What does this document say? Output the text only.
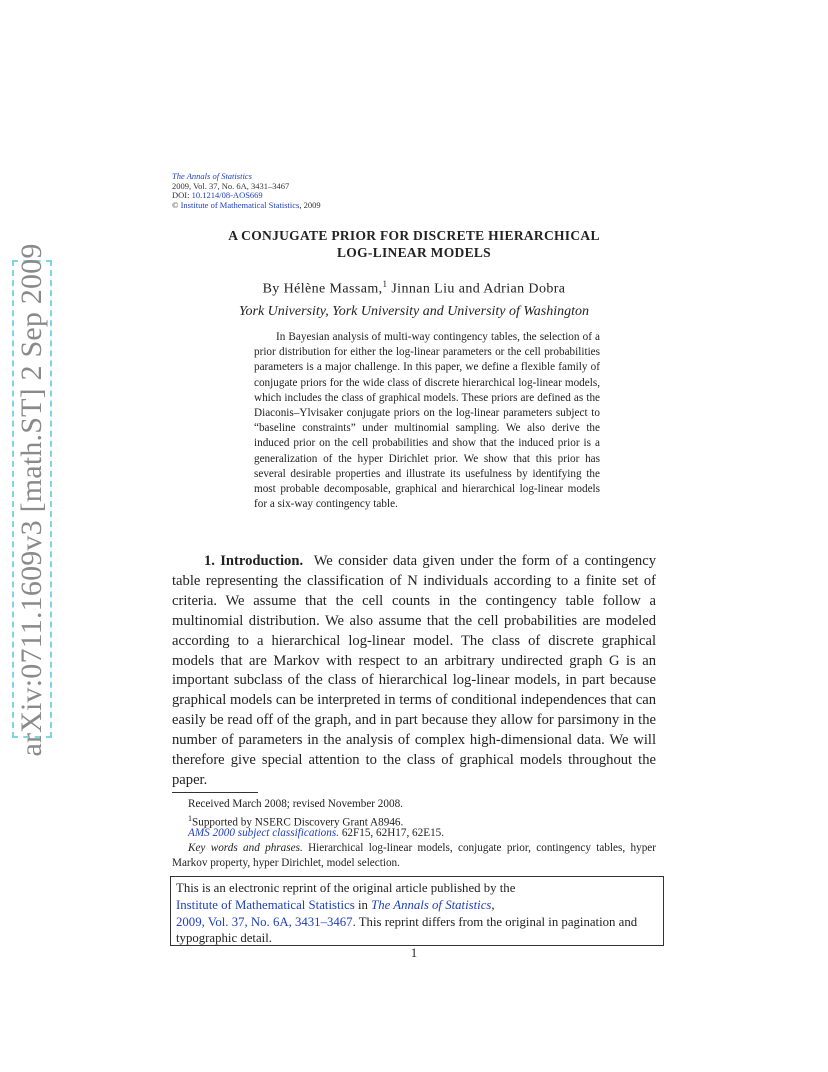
arXiv:0711.1609v3 [math.ST] 2 Sep 2009
The Annals of Statistics
2009, Vol. 37, No. 6A, 3431–3467
DOI: 10.1214/08-AOS669
© Institute of Mathematical Statistics, 2009
A CONJUGATE PRIOR FOR DISCRETE HIERARCHICAL
LOG-LINEAR MODELS
By Hélène Massam,$^1$ Jinnan Liu and Adrian Dobra
York University, York University and University of Washington
In Bayesian analysis of multi-way contingency tables, the selection of a prior distribution for either the log-linear parameters or the cell probabilities parameters is a major challenge. In this paper, we define a flexible family of conjugate priors for the wide class of discrete hierarchical log-linear models, which includes the class of graphical models. These priors are defined as the Diaconis–Ylvisaker conjugate priors on the log-linear parameters subject to “baseline constraints” under multinomial sampling. We also derive the induced prior on the cell probabilities and show that the induced prior is a generalization of the hyper Dirichlet prior. We show that this prior has several desirable properties and illustrate its usefulness by identifying the most probable decomposable, graphical and hierarchical log-linear models for a six-way contingency table.
1. Introduction. We consider data given under the form of a contingency table representing the classification of N individuals according to a finite set of criteria. We assume that the cell counts in the contingency table follow a multinomial distribution. We also assume that the cell probabilities are modeled according to a hierarchical log-linear model. The class of discrete graphical models that are Markov with respect to an arbitrary undirected graph G is an important subclass of the class of hierarchical log-linear models, in part because graphical models can be interpreted in terms of conditional independences that can easily be read off of the graph, and in part because they allow for parsimony in the number of parameters in the analysis of complex high-dimensional data. We will therefore give special attention to the class of graphical models throughout the paper.
Received March 2008; revised November 2008.
$^1$Supported by NSERC Discovery Grant A8946.
AMS 2000 subject classifications. 62F15, 62H17, 62E15.
Key words and phrases. Hierarchical log-linear models, conjugate prior, contingency tables, hyper Markov property, hyper Dirichlet, model selection.
This is an electronic reprint of the original article published by the
Institute of Mathematical Statistics in The Annals of Statistics,
2009, Vol. 37, No. 6A, 3431–3467. This reprint differs from the original in pagination and typographic detail.
1
